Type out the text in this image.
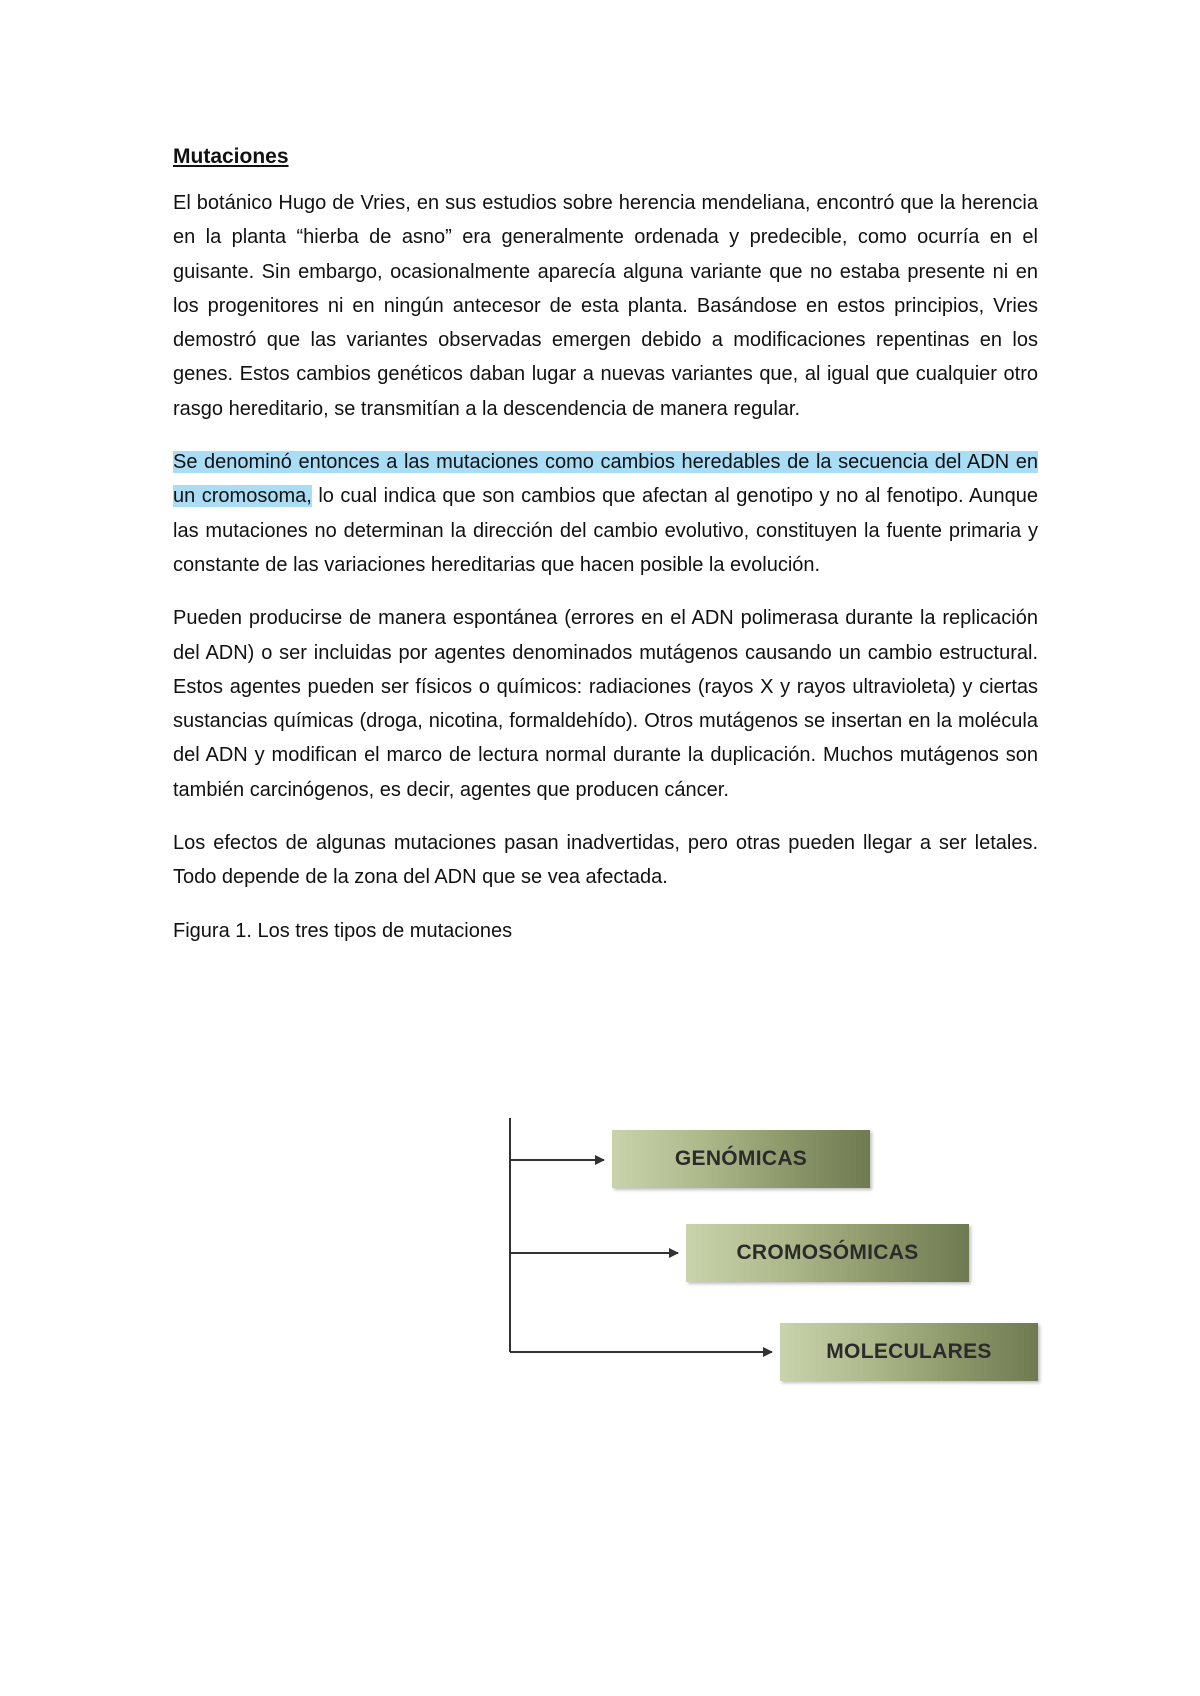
Mutaciones

El botánico Hugo de Vries, en sus estudios sobre herencia mendeliana, encontró que la herencia en la planta “hierba de asno” era generalmente ordenada y predecible, como ocurría en el guisante. Sin embargo, ocasionalmente aparecía alguna variante que no estaba presente ni en los progenitores ni en ningún antecesor de esta planta. Basándose en estos principios, Vries demostró que las variantes observadas emergen debido a modificaciones repentinas en los genes. Estos cambios genéticos daban lugar a nuevas variantes que, al igual que cualquier otro rasgo hereditario, se transmitían a la descendencia de manera regular.

Se denominó entonces a las mutaciones como cambios heredables de la secuencia del ADN en un cromosoma, lo cual indica que son cambios que afectan al genotipo y no al fenotipo. Aunque las mutaciones no determinan la dirección del cambio evolutivo, constituyen la fuente primaria y constante de las variaciones hereditarias que hacen posible la evolución.

Pueden producirse de manera espontánea (errores en el ADN polimerasa durante la replicación del ADN) o ser incluidas por agentes denominados mutágenos causando un cambio estructural. Estos agentes pueden ser físicos o químicos: radiaciones (rayos X y rayos ultravioleta) y ciertas sustancias químicas (droga, nicotina, formaldehído). Otros mutágenos se insertan en la molécula del ADN y modifican el marco de lectura normal durante la duplicación. Muchos mutágenos son también carcinógenos, es decir, agentes que producen cáncer.

Los efectos de algunas mutaciones pasan inadvertidas, pero otras pueden llegar a ser letales. Todo depende de la zona del ADN que se vea afectada.

Figura 1. Los tres tipos de mutaciones

GENÓMICAS
CROMOSÓMICAS
MOLECULARES
